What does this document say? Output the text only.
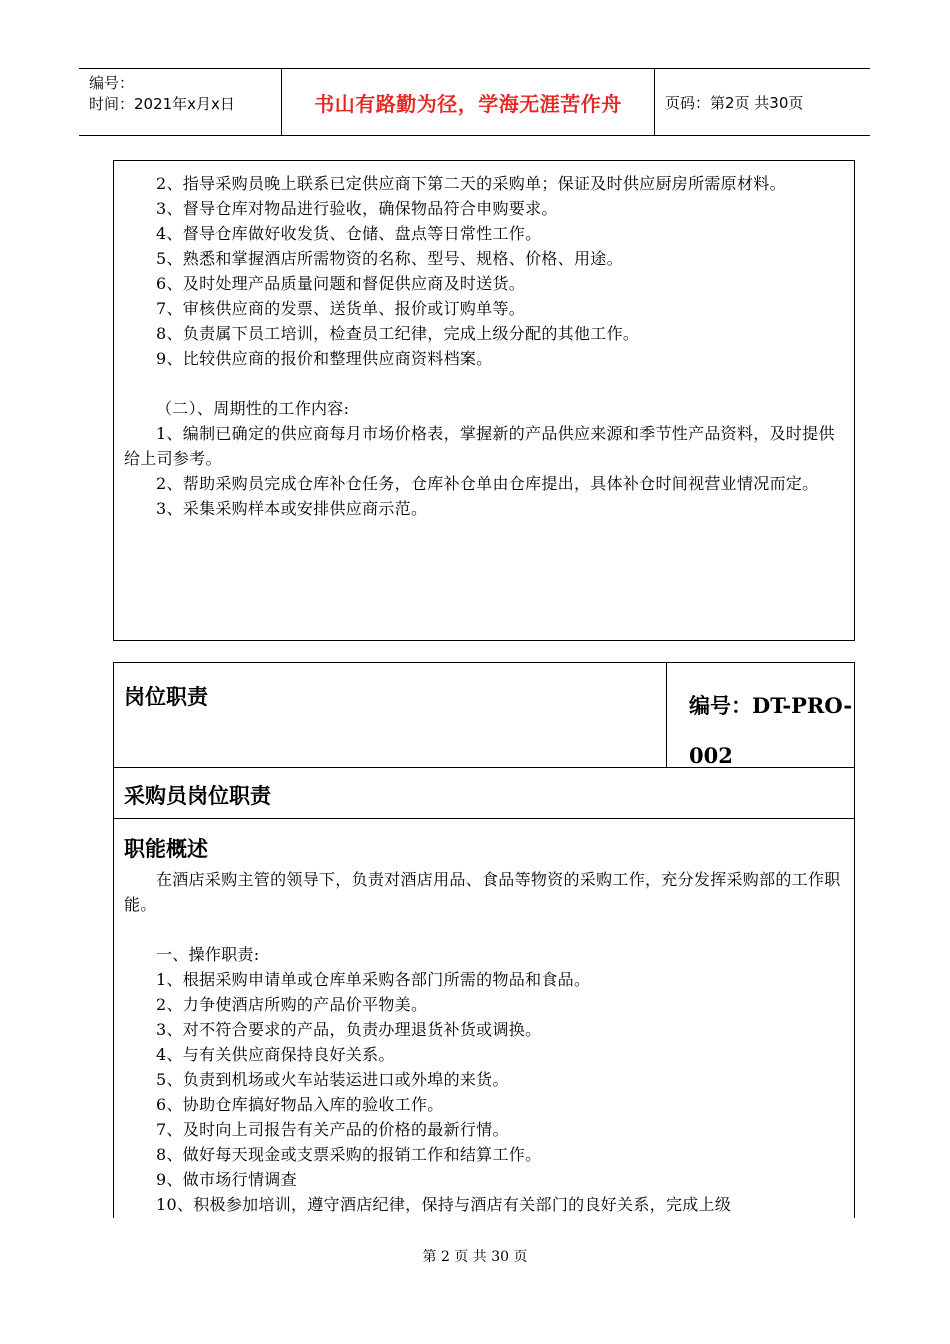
编号：
时间：2021年x月x日	书山有路勤为径，学海无涯苦作舟	页码：第2页 共30页

2、指导采购员晚上联系已定供应商下第二天的采购单；保证及时供应厨房所需原材料。

3、督导仓库对物品进行验收，确保物品符合申购要求。

4、督导仓库做好收发货、仓储、盘点等日常性工作。

5、熟悉和掌握酒店所需物资的名称、型号、规格、价格、用途。

6、及时处理产品质量问题和督促供应商及时送货。

7、审核供应商的发票、送货单、报价或订购单等。

8、负责属下员工培训，检查员工纪律，完成上级分配的其他工作。

9、比较供应商的报价和整理供应商资料档案。

（二）、周期性的工作内容:

1、编制已确定的供应商每月市场价格表，掌握新的产品供应来源和季节性产品资料，及时提供给上司参考。

2、帮助采购员完成仓库补仓任务，仓库补仓单由仓库提出，具体补仓时间视营业情况而定。

3、采集采购样本或安排供应商示范。

岗位职责	编号：DT-PRO-
002
采购员岗位职责
职能概述

在酒店采购主管的领导下，负责对酒店用品、食品等物资的采购工作，充分发挥采购部的工作职能。

一、操作职责:

1、根据采购申请单或仓库单采购各部门所需的物品和食品。

2、力争使酒店所购的产品价平物美。

3、对不符合要求的产品，负责办理退货补货或调换。

4、与有关供应商保持良好关系。

5、负责到机场或火车站装运进口或外埠的来货。

6、协助仓库搞好物品入库的验收工作。

7、及时向上司报告有关产品的价格的最新行情。

8、做好每天现金或支票采购的报销工作和结算工作。

9、做市场行情调查

10、积极参加培训，遵守酒店纪律，保持与酒店有关部门的良好关系，完成上级

第 2 页 共 30 页
